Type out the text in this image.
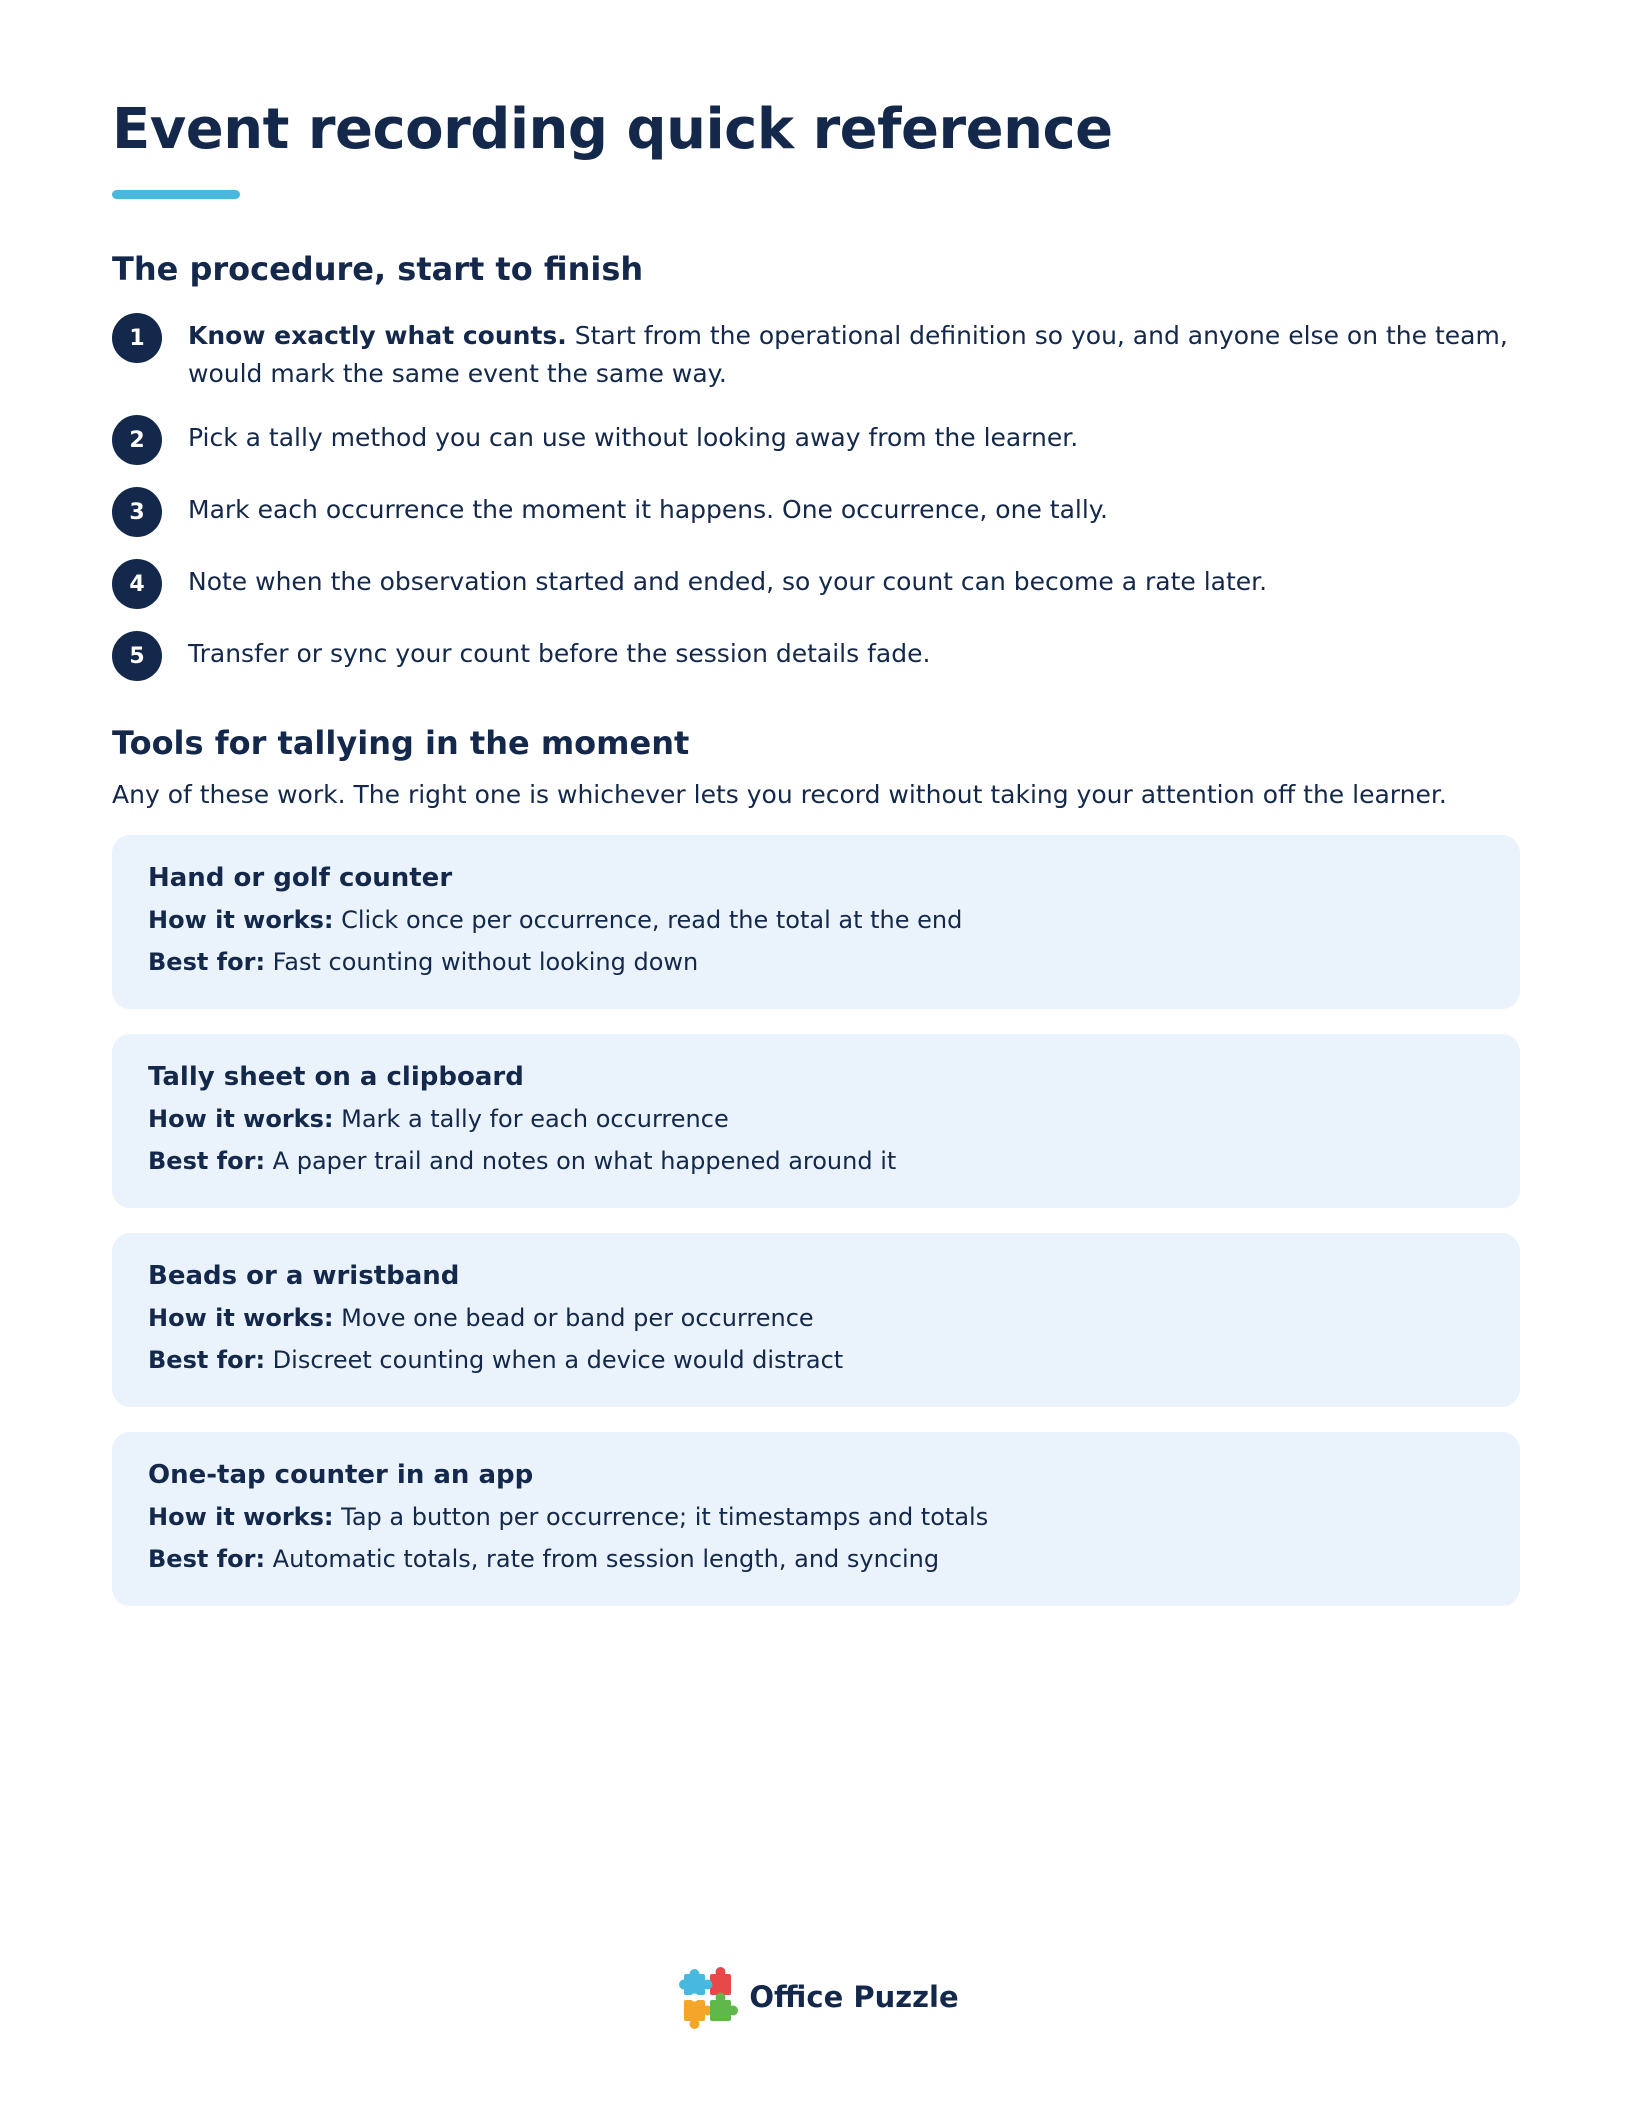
Event recording quick reference
The procedure, start to finish
1	Know exactly what counts. Start from the operational definition so you, and anyone else on the team, would mark the same event the same way.
2	Pick a tally method you can use without looking away from the learner.
3	Mark each occurrence the moment it happens. One occurrence, one tally.
4	Note when the observation started and ended, so your count can become a rate later.
5	Transfer or sync your count before the session details fade.
Tools for tallying in the moment

Any of these work. The right one is whichever lets you record without taking your attention off the learner.

Hand or golf counter

How it works: Click once per occurrence, read the total at the end

Best for: Fast counting without looking down

Tally sheet on a clipboard

How it works: Mark a tally for each occurrence

Best for: A paper trail and notes on what happened around it

Beads or a wristband

How it works: Move one bead or band per occurrence

Best for: Discreet counting when a device would distract

One-tap counter in an app

How it works: Tap a button per occurrence; it timestamps and totals

Best for: Automatic totals, rate from session length, and syncing

Office Puzzle
